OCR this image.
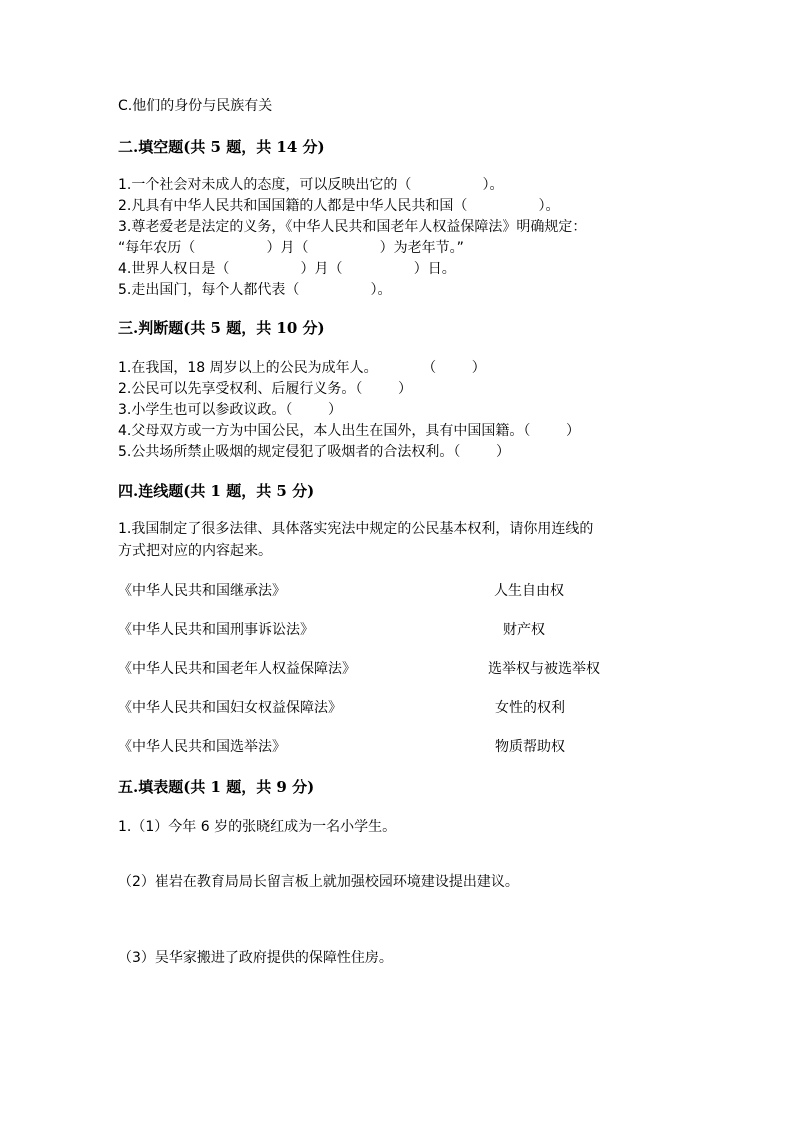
C.他们的身份与民族有关
二.填空题(共 5 题，共 14 分)
1.一个社会对未成人的态度，可以反映出它的（                ）。
2.凡具有中华人民共和国国籍的人都是中华人民共和国（                ）。
3.尊老爱老是法定的义务，《中华人民共和国老年人权益保障法》明确规定：
“每年农历（                ）月（                ）为老年节。”
4.世界人权日是（                ）月（                ）日。
5.走出国门，每个人都代表（                ）。
三.判断题(共 5 题，共 10 分)
1.在我国，18 周岁以上的公民为成年人。          （        ）
2.公民可以先享受权利、后履行义务。（        ）
3.小学生也可以参政议政。（        ）
4.父母双方或一方为中国公民，本人出生在国外，具有中国国籍。（        ）
5.公共场所禁止吸烟的规定侵犯了吸烟者的合法权利。（        ）
四.连线题(共 1 题，共 5 分)
1.我国制定了很多法律、具体落实宪法中规定的公民基本权利，请你用连线的
方式把对应的内容起来。
《中华人民共和国继承法》
《中华人民共和国刑事诉讼法》
《中华人民共和国老年人权益保障法》
《中华人民共和国妇女权益保障法》
《中华人民共和国选举法》
人生自由权
财产权
选举权与被选举权
女性的权利
物质帮助权
五.填表题(共 1 题，共 9 分)
1.（1）今年 6 岁的张晓红成为一名小学生。
（2）崔岩在教育局局长留言板上就加强校园环境建设提出建议。
（3）吴华家搬进了政府提供的保障性住房。
